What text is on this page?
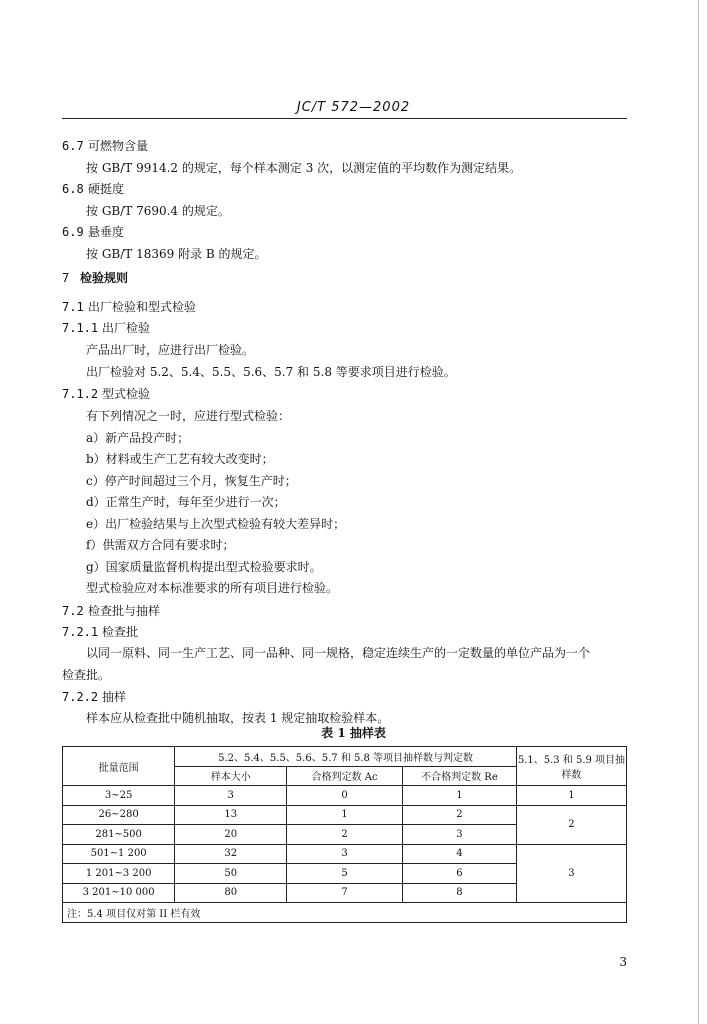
JC/T 572—2002
6.7 可燃物含量
按 GB/T 9914.2 的规定，每个样本测定 3 次，以测定值的平均数作为测定结果。
6.8 硬挺度
按 GB/T 7690.4 的规定。
6.9 悬垂度
按 GB/T 18369 附录 B 的规定。
7 检验规则
7.1 出厂检验和型式检验
7.1.1 出厂检验
产品出厂时，应进行出厂检验。
出厂检验对 5.2、5.4、5.5、5.6、5.7 和 5.8 等要求项目进行检验。
7.1.2 型式检验
有下列情况之一时，应进行型式检验：
a）新产品投产时；
b）材料或生产工艺有较大改变时；
c）停产时间超过三个月，恢复生产时；
d）正常生产时，每年至少进行一次；
e）出厂检验结果与上次型式检验有较大差异时；
f）供需双方合同有要求时；
g）国家质量监督机构提出型式检验要求时。
型式检验应对本标准要求的所有项目进行检验。
7.2 检查批与抽样
7.2.1 检查批
以同一原料、同一生产工艺、同一品种、同一规格，稳定连续生产的一定数量的单位产品为一个
检查批。
7.2.2 抽样
样本应从检查批中随机抽取，按表 1 规定抽取检验样本。
表 1 抽样表
批量范围	5.2、5.4、5.5、5.6、5.7 和 5.8 等项目抽样数与判定数			5.1、5.3 和 5.9 项目抽样数
	样本大小	合格判定数 Ac	不合格判定数 Re	
3~25	3	0	1	1
26~280	13	1	2	2
281~500	20	2	3	
501~1 200	32	3	4	3
1 201~3 200	50	5	6	
3 201~10 000	80	7	8	
注：5.4 项目仅对第 II 栏有效				
3
